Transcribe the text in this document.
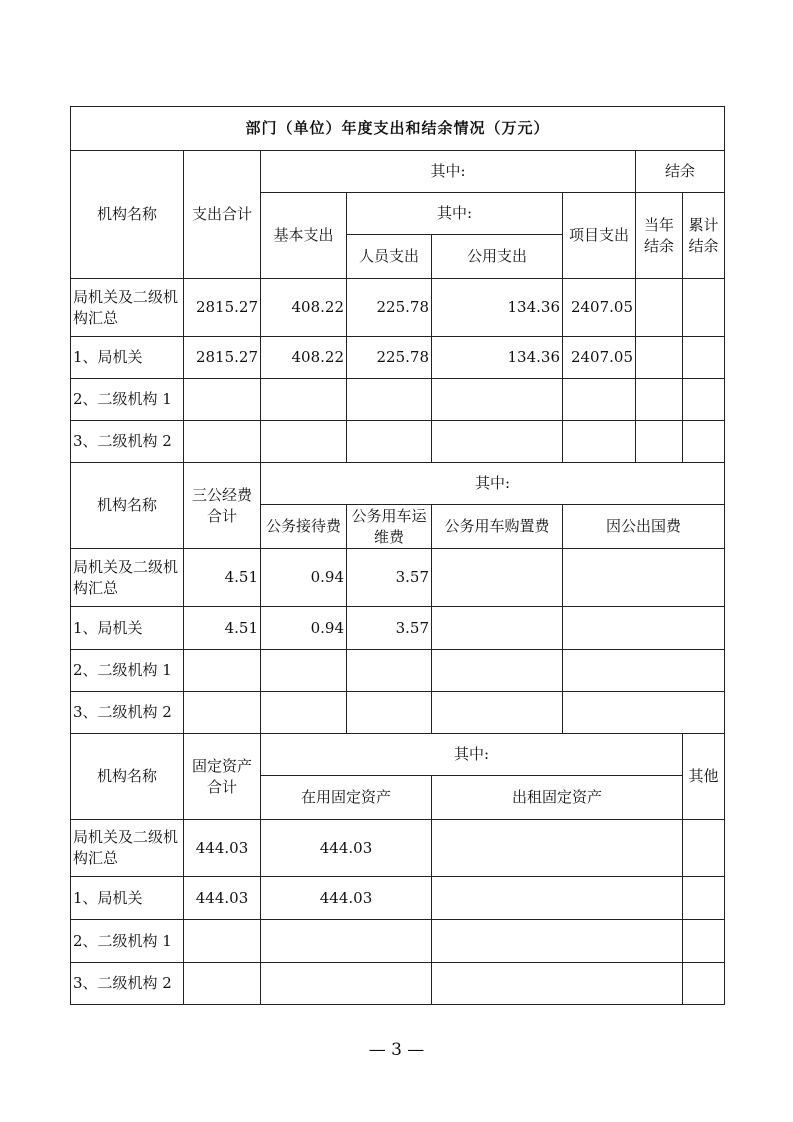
部门（单位）年度支出和结余情况（万元）							
机构名称	支出合计	其中:				结余	
		基本支出	其中:		项目支出	当年结余	累计结余
			人员支出	公用支出			
局机关及二级机构汇总	2815.27	408.22	225.78	134.36	2407.05		
1、局机关	2815.27	408.22	225.78	134.36	2407.05		
2、二级机构 1							
3、二级机构 2							
机构名称	三公经费合计	其中:					
		公务接待费	公务用车运维费	公务用车购置费	因公出国费		
局机关及二级机构汇总	4.51	0.94	3.57				
1、局机关	4.51	0.94	3.57				
2、二级机构 1							
3、二级机构 2							
机构名称	固定资产合计	其中:					其他
		在用固定资产		出租固定资产			
局机关及二级机构汇总	444.03	444.03					
1、局机关	444.03	444.03					
2、二级机构 1							
3、二级机构 2							
— 3 —
